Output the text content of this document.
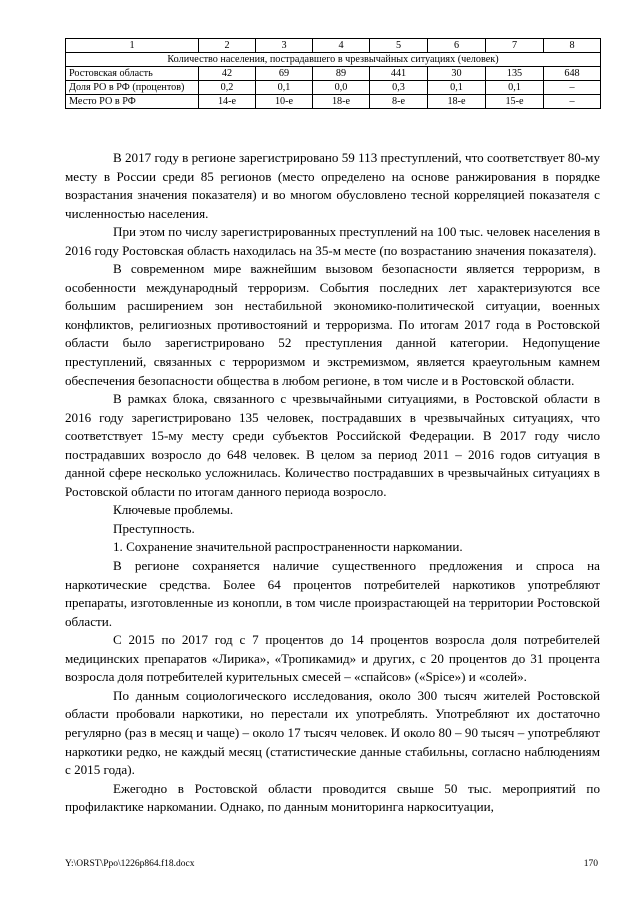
1	2	3	4	5	6	7	8
Количество населения, пострадавшего в чрезвычайных ситуациях (человек)							
Ростовская область	42	69	89	441	30	135	648
Доля РО в РФ (процентов)	0,2	0,1	0,0	0,3	0,1	0,1	–
Место РО в РФ	14-е	10-е	18-е	8-е	18-е	15-е	–

В 2017 году в регионе зарегистрировано 59 113 преступлений, что соответствует 80-му месту в России среди 85 регионов (место определено на основе ранжирования в порядке возрастания значения показателя) и во многом обусловлено тесной корреляцией показателя с численностью населения.

При этом по числу зарегистрированных преступлений на 100 тыс. человек населения в 2016 году Ростовская область находилась на 35-м месте (по возрастанию значения показателя).

В современном мире важнейшим вызовом безопасности является терроризм, в особенности международный терроризм. События последних лет характеризуются все большим расширением зон нестабильной экономико-политической ситуации, военных конфликтов, религиозных противостояний и терроризма. По итогам 2017 года в Ростовской области было зарегистрировано 52 преступления данной категории. Недопущение преступлений, связанных с терроризмом и экстремизмом, является краеугольным камнем обеспечения безопасности общества в любом регионе, в том числе и в Ростовской области.

В рамках блока, связанного с чрезвычайными ситуациями, в Ростовской области в 2016 году зарегистрировано 135 человек, пострадавших в чрезвычайных ситуациях, что соответствует 15-му месту среди субъектов Российской Федерации. В 2017 году число пострадавших возросло до 648 человек. В целом за период 2011 – 2016 годов ситуация в данной сфере несколько усложнилась. Количество пострадавших в чрезвычайных ситуациях в Ростовской области по итогам данного периода возросло.

Ключевые проблемы.

Преступность.

1. Сохранение значительной распространенности наркомании.

В регионе сохраняется наличие существенного предложения и спроса на наркотические средства. Более 64 процентов потребителей наркотиков употребляют препараты, изготовленные из конопли, в том числе произрастающей на территории Ростовской области.

С 2015 по 2017 год с 7 процентов до 14 процентов возросла доля потребителей медицинских препаратов «Лирика», «Тропикамид» и других, с 20 процентов до 31 процента возросла доля потребителей курительных смесей – «спайсов» («Spice») и «солей».

По данным социологического исследования, около 300 тысяч жителей Ростовской области пробовали наркотики, но перестали их употреблять. Употребляют их достаточно регулярно (раз в месяц и чаще) – около 17 тысяч человек. И около 80 – 90 тысяч – употребляют наркотики редко, не каждый месяц (статистические данные стабильны, согласно наблюдениям с 2015 года).

Ежегодно в Ростовской области проводится свыше 50 тыс. мероприятий по профилактике наркомании. Однако, по данным мониторинга наркоситуации,

Y:\ORST\Ppo\1226p864.f18.docx	170
